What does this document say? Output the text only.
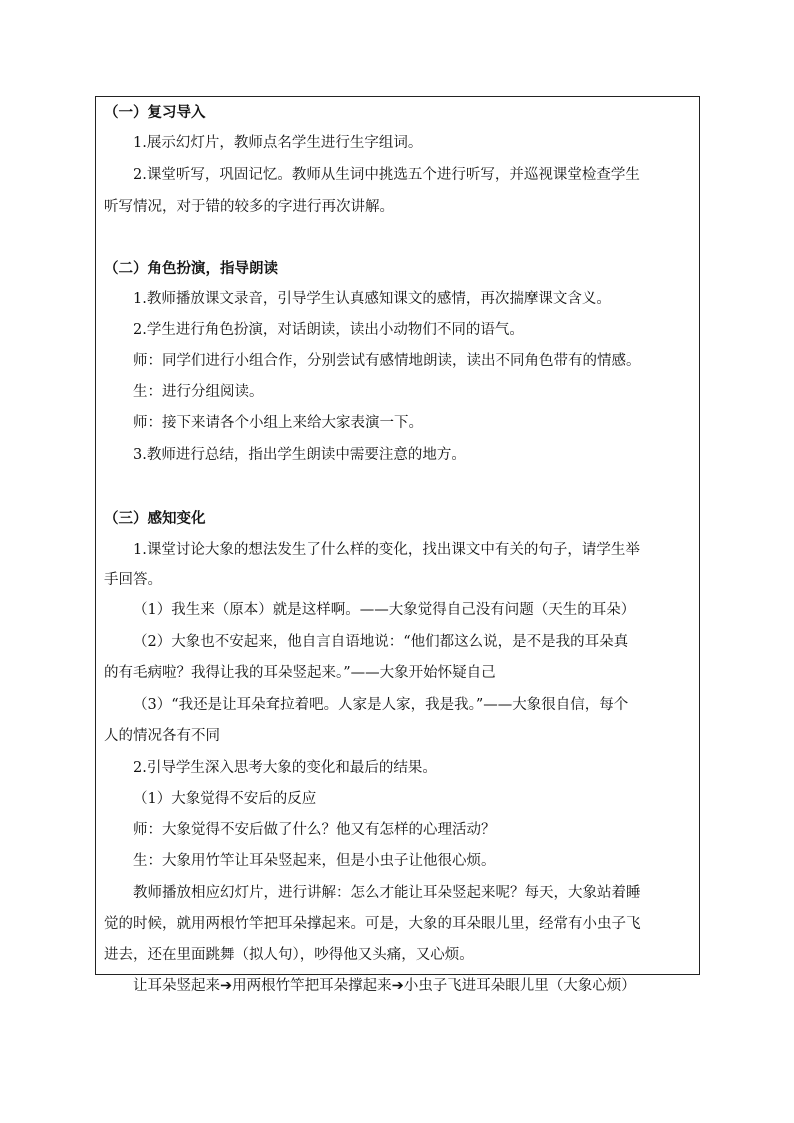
（一）复习导入
1.展示幻灯片，教师点名学生进行生字组词。
2.课堂听写，巩固记忆。教师从生词中挑选五个进行听写，并巡视课堂检查学生
听写情况，对于错的较多的字进行再次讲解。
（二）角色扮演，指导朗读
1.教师播放课文录音，引导学生认真感知课文的感情，再次揣摩课文含义。
2.学生进行角色扮演，对话朗读，读出小动物们不同的语气。
师：同学们进行小组合作，分别尝试有感情地朗读，读出不同角色带有的情感。
生：进行分组阅读。
师：接下来请各个小组上来给大家表演一下。
3.教师进行总结，指出学生朗读中需要注意的地方。
（三）感知变化
1.课堂讨论大象的想法发生了什么样的变化，找出课文中有关的句子，请学生举
手回答。
（1）我生来（原本）就是这样啊。——大象觉得自己没有问题（天生的耳朵）
（2）大象也不安起来，他自言自语地说：“他们都这么说，是不是我的耳朵真
的有毛病啦？我得让我的耳朵竖起来。”——大象开始怀疑自己
（3）“我还是让耳朵耷拉着吧。人家是人家，我是我。”——大象很自信，每个
人的情况各有不同
2.引导学生深入思考大象的变化和最后的结果。
（1）大象觉得不安后的反应
师：大象觉得不安后做了什么？他又有怎样的心理活动？
生：大象用竹竿让耳朵竖起来，但是小虫子让他很心烦。
教师播放相应幻灯片，进行讲解：怎么才能让耳朵竖起来呢？每天，大象站着睡
觉的时候，就用两根竹竿把耳朵撑起来。可是，大象的耳朵眼儿里，经常有小虫子飞
进去，还在里面跳舞（拟人句），吵得他又头痛，又心烦。
让耳朵竖起来➔用两根竹竿把耳朵撑起来➔小虫子飞进耳朵眼儿里（大象心烦）
